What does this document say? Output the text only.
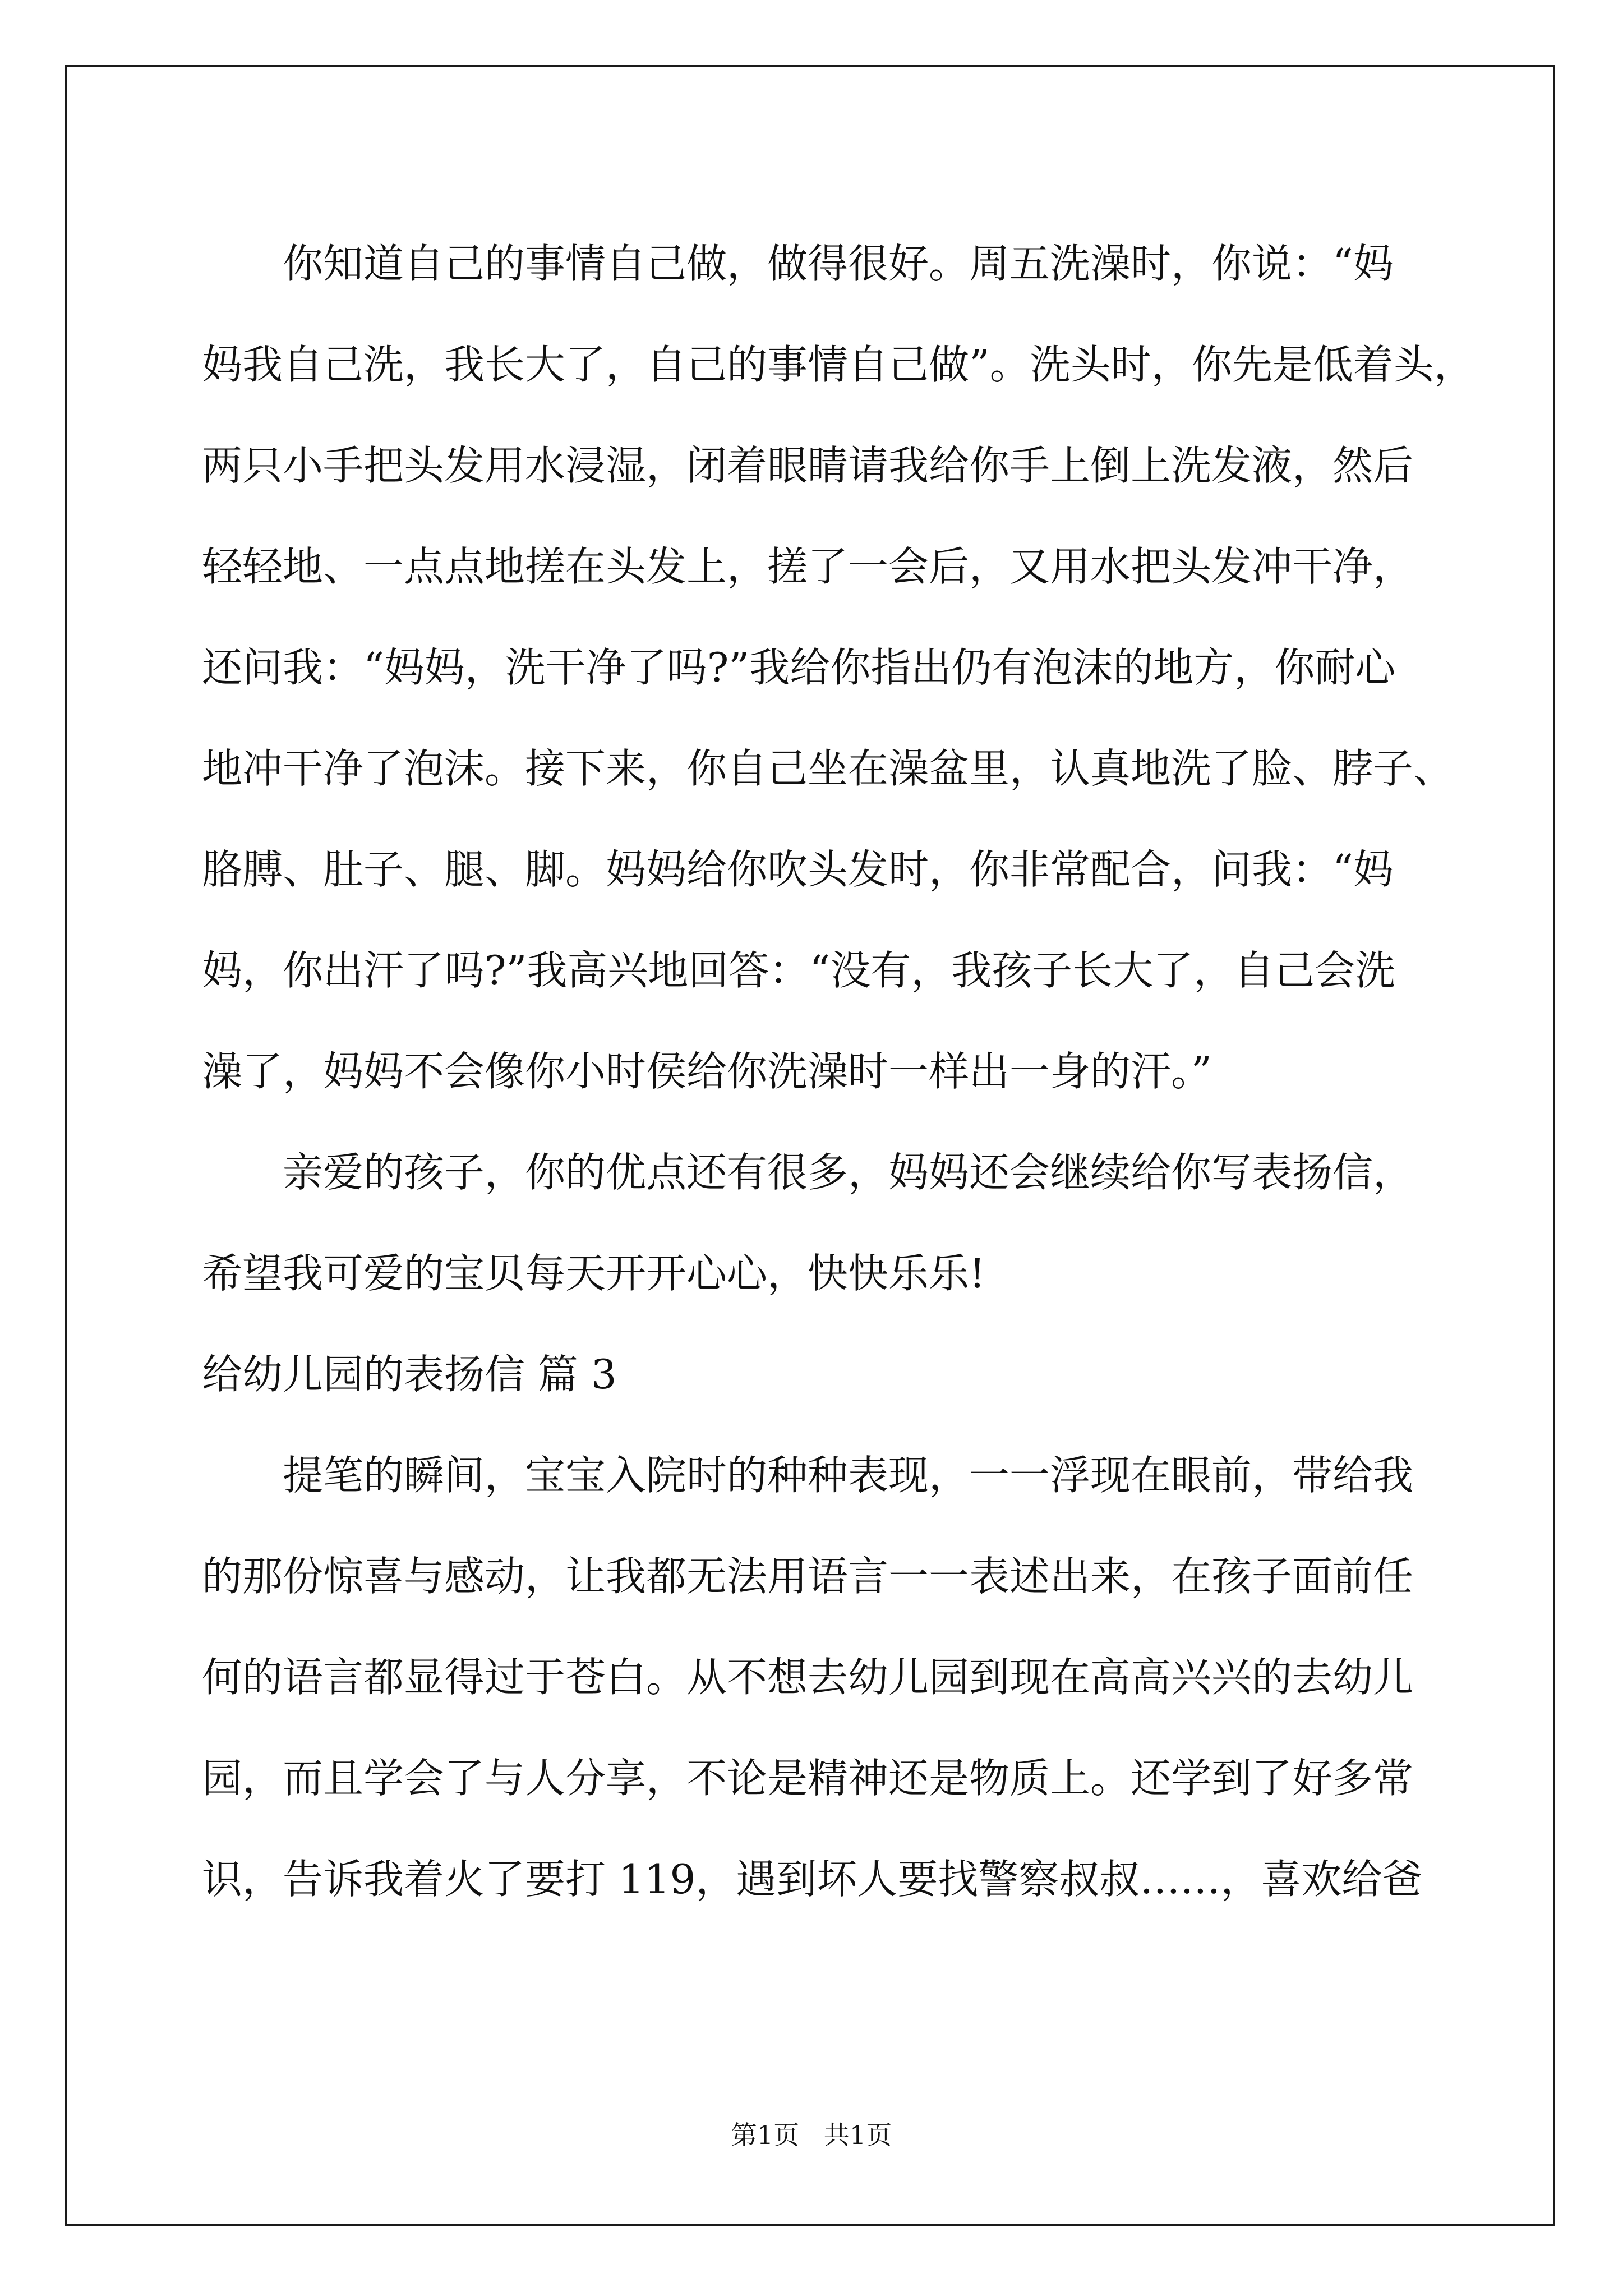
你知道自己的事情自己做，做得很好。周五洗澡时，你说：“妈

妈我自己洗，我长大了，自己的事情自己做”。洗头时，你先是低着头，

两只小手把头发用水浸湿，闭着眼睛请我给你手上倒上洗发液，然后

轻轻地、一点点地搓在头发上，搓了一会后，又用水把头发冲干净，

还问我：“妈妈，洗干净了吗?”我给你指出仍有泡沫的地方，你耐心

地冲干净了泡沫。接下来，你自己坐在澡盆里，认真地洗了脸、脖子、

胳膊、肚子、腿、脚。妈妈给你吹头发时，你非常配合，问我：“妈

妈，你出汗了吗?”我高兴地回答：“没有，我孩子长大了，自己会洗

澡了，妈妈不会像你小时侯给你洗澡时一样出一身的汗。”

亲爱的孩子，你的优点还有很多，妈妈还会继续给你写表扬信，

希望我可爱的宝贝每天开开心心，快快乐乐!

给幼儿园的表扬信 篇 3

提笔的瞬间，宝宝入院时的种种表现，一一浮现在眼前，带给我

的那份惊喜与感动，让我都无法用语言一一表述出来，在孩子面前任

何的语言都显得过于苍白。从不想去幼儿园到现在高高兴兴的去幼儿

园，而且学会了与人分享，不论是精神还是物质上。还学到了好多常

识，告诉我着火了要打 119，遇到坏人要找警察叔叔……，喜欢给爸

第1页   共1页
